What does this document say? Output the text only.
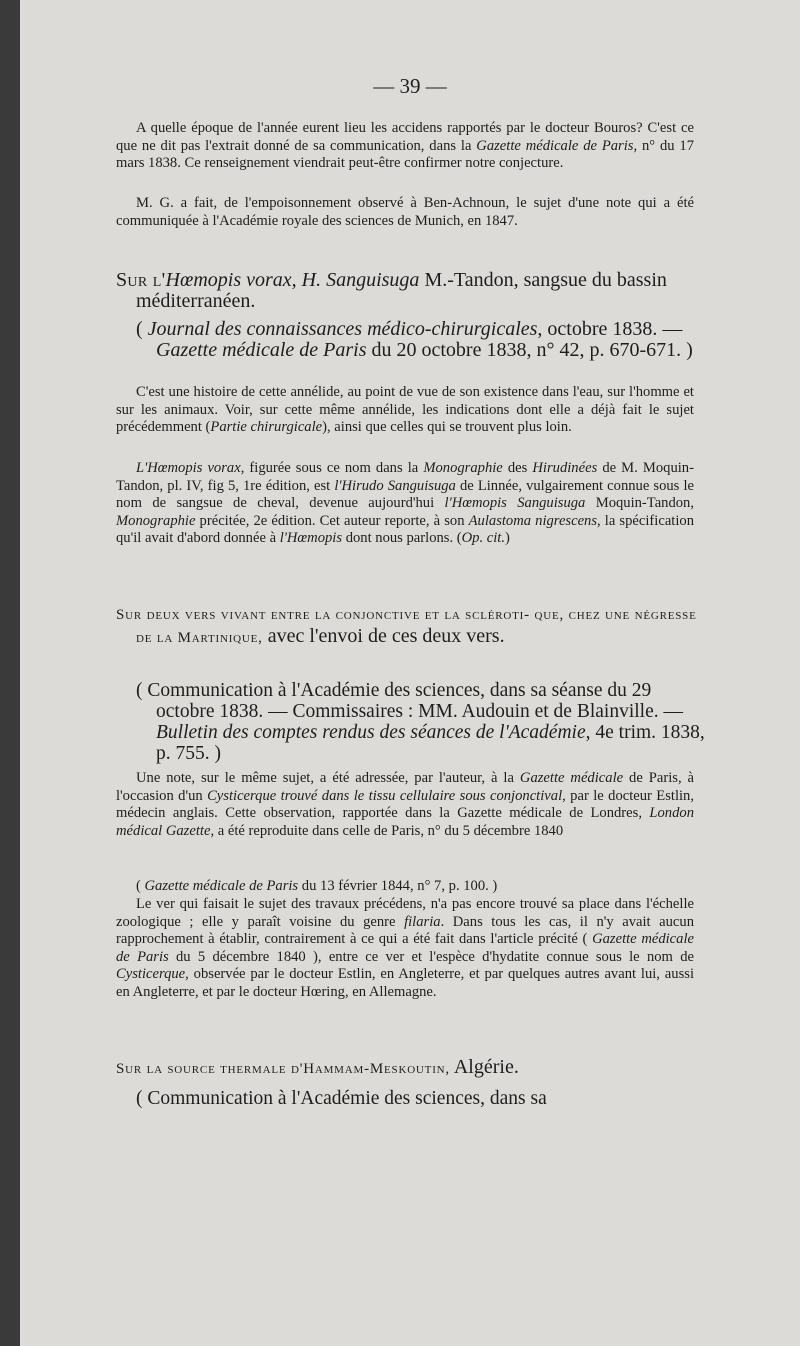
— 39 —
A quelle époque de l'année eurent lieu les accidens rapportés par le docteur Bouros? C'est ce que ne dit pas l'extrait donné de sa communication, dans la Gazette médicale de Paris, n° du 17 mars 1838. Ce renseignement viendrait peut-être confirmer notre conjecture.
M. G. a fait, de l'empoisonnement observé à Ben-Achnoun, le sujet d'une note qui a été communiquée à l'Académie royale des sciences de Munich, en 1847.
Sur l'Hœmopis vorax, H. Sanguisuga M.-Tandon, sangsue du bassin méditerranéen.
( Journal des connaissances médico-chirurgicales, octobre 1838. — Gazette médicale de Paris du 20 octobre 1838, n° 42, p. 670-671. )
C'est une histoire de cette annélide, au point de vue de son existence dans l'eau, sur l'homme et sur les animaux. Voir, sur cette même annélide, les indications dont elle a déjà fait le sujet précédemment (Partie chirurgicale), ainsi que celles qui se trouvent plus loin.
L'Hœmopis vorax, figurée sous ce nom dans la Monographie des Hirudinées de M. Moquin-Tandon, pl. IV, fig 5, 1re édition, est l'Hirudo Sanguisuga de Linnée, vulgairement connue sous le nom de sangsue de cheval, devenue aujourd'hui l'Hœmopis Sanguisuga Moquin-Tandon, Monographie précitée, 2e édition. Cet auteur reporte, à son Aulastoma nigrescens, la spécification qu'il avait d'abord donnée à l'Hœmopis dont nous parlons. (Op. cit.)
Sur deux vers vivant entre la conjonctive et la scléroti- que, chez une négresse de la Martinique, avec l'envoi de ces deux vers.
( Communication à l'Académie des sciences, dans sa séanse du 29 octobre 1838. — Commissaires : MM. Audouin et de Blainville. — Bulletin des comptes rendus des séances de l'Académie, 4e trim. 1838, p. 755. )
Une note, sur le même sujet, a été adressée, par l'auteur, à la Gazette médicale de Paris, à l'occasion d'un Cysticerque trouvé dans le tissu cellulaire sous conjonctival, par le docteur Estlin, médecin anglais. Cette observation, rapportée dans la Gazette médicale de Londres, London médical Gazette, a été reproduite dans celle de Paris, n° du 5 décembre 1840
( Gazette médicale de Paris du 13 février 1844, n° 7, p. 100. )
Le ver qui faisait le sujet des travaux précédens, n'a pas encore trouvé sa place dans l'échelle zoologique ; elle y paraît voisine du genre filaria. Dans tous les cas, il n'y avait aucun rapprochement à établir, contrairement à ce qui a été fait dans l'article précité ( Gazette médicale de Paris du 5 décembre 1840 ), entre ce ver et l'espèce d'hydatite connue sous le nom de Cysticerque, observée par le docteur Estlin, en Angleterre, et par quelques autres avant lui, aussi en Angleterre, et par le docteur Hœring, en Allemagne.
Sur la source thermale d'Hammam-Meskoutin, Algérie.
( Communication à l'Académie des sciences, dans sa
